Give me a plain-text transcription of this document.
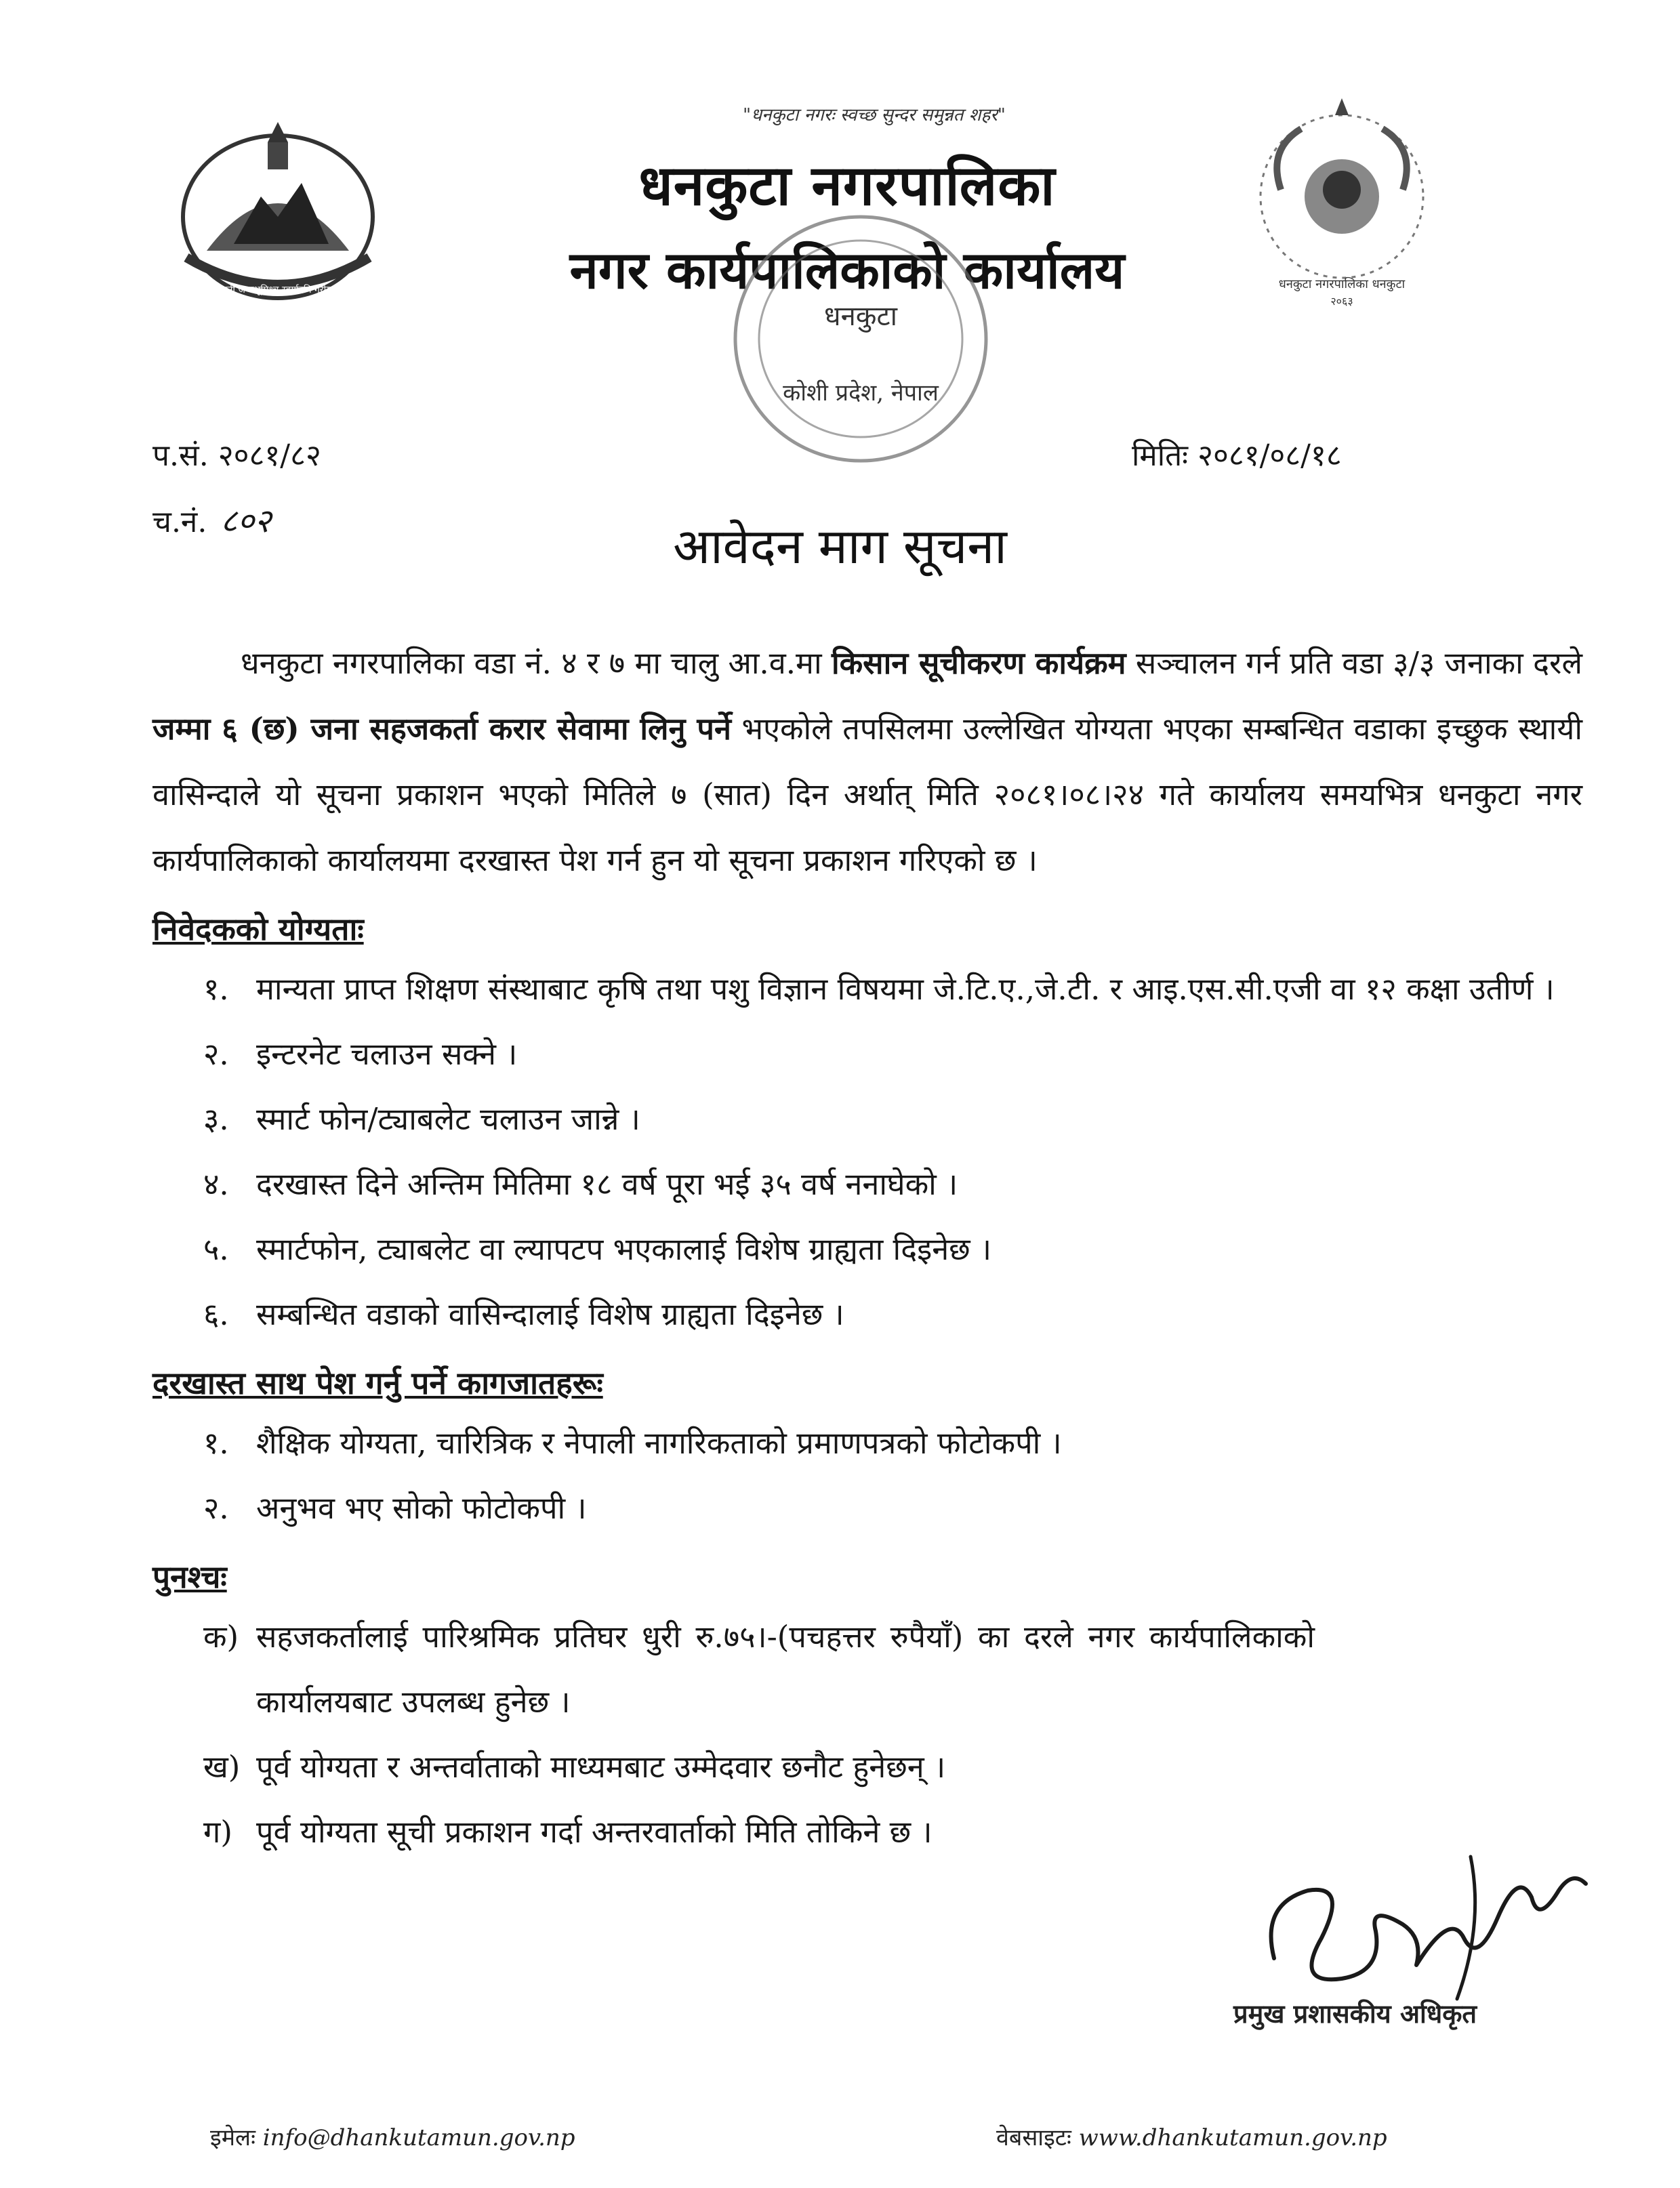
जननी जन्मभूमिश्च स्वर्गादपि गरीयसी
"धनकुटा नगरः स्वच्छ सुन्दर समुन्नत शहर"
धनकुटा नगरपालिका
नगर कार्यपालिकाको कार्यालय	धनकुटा नगरपालिका धनकुटा
२०६३
धनकुटा
कोशी प्रदेश, नेपाल
प.सं. २०८१/८२
च.नं. ८०२
मितिः २०८१/०८/१८
आवेदन माग सूचना

धनकुटा नगरपालिका वडा नं. ४ र ७ मा चालु आ.व.मा किसान सूचीकरण कार्यक्रम सञ्चालन गर्न प्रति वडा ३/३ जनाका दरले जम्मा ६ (छ) जना सहजकर्ता करार सेवामा लिनु पर्ने भएकोले तपसिलमा उल्लेखित योग्यता भएका सम्बन्धित वडाका इच्छुक स्थायी वासिन्दाले यो सूचना प्रकाशन भएको मितिले ७ (सात) दिन अर्थात् मिति २०८१।०८।२४ गते कार्यालय समयभित्र धनकुटा नगर कार्यपालिकाको कार्यालयमा दरखास्त पेश गर्न हुन यो सूचना प्रकाशन गरिएको छ ।

निवेदकको योग्यताः
१. मान्यता प्राप्त शिक्षण संस्थाबाट कृषि तथा पशु विज्ञान विषयमा जे.टि.ए.,जे.टी. र आइ.एस.सी.एजी वा १२ कक्षा उतीर्ण ।
२. इन्टरनेट चलाउन सक्ने ।
३. स्मार्ट फोन/ट्याबलेट चलाउन जान्ने ।
४. दरखास्त दिने अन्तिम मितिमा १८ वर्ष पूरा भई ३५ वर्ष ननाघेको ।
५. स्मार्टफोन, ट्याबलेट वा ल्यापटप भएकालाई विशेष ग्राह्यता दिइनेछ ।
६. सम्बन्धित वडाको वासिन्दालाई विशेष ग्राह्यता दिइनेछ ।
दरखास्त साथ पेश गर्नु पर्ने कागजातहरूः
१. शैक्षिक योग्यता, चारित्रिक र नेपाली नागरिकताको प्रमाणपत्रको फोटोकपी ।
२. अनुभव भए सोको फोटोकपी ।
पुनश्चः
क) सहजकर्तालाई पारिश्रमिक प्रतिघर धुरी रु.७५।-(पचहत्तर रुपैयाँ) का दरले नगर कार्यपालिकाको कार्यालयबाट उपलब्ध हुनेछ ।
ख) पूर्व योग्यता र अन्तर्वाताको माध्यमबाट उम्मेदवार छनौट हुनेछन् ।
ग) पूर्व योग्यता सूची प्रकाशन गर्दा अन्तरवार्ताको मिति तोकिने छ ।
प्रमुख प्रशासकीय अधिकृत
इमेलः info@dhankutamun.gov.np	वेबसाइटः www.dhankutamun.gov.np
